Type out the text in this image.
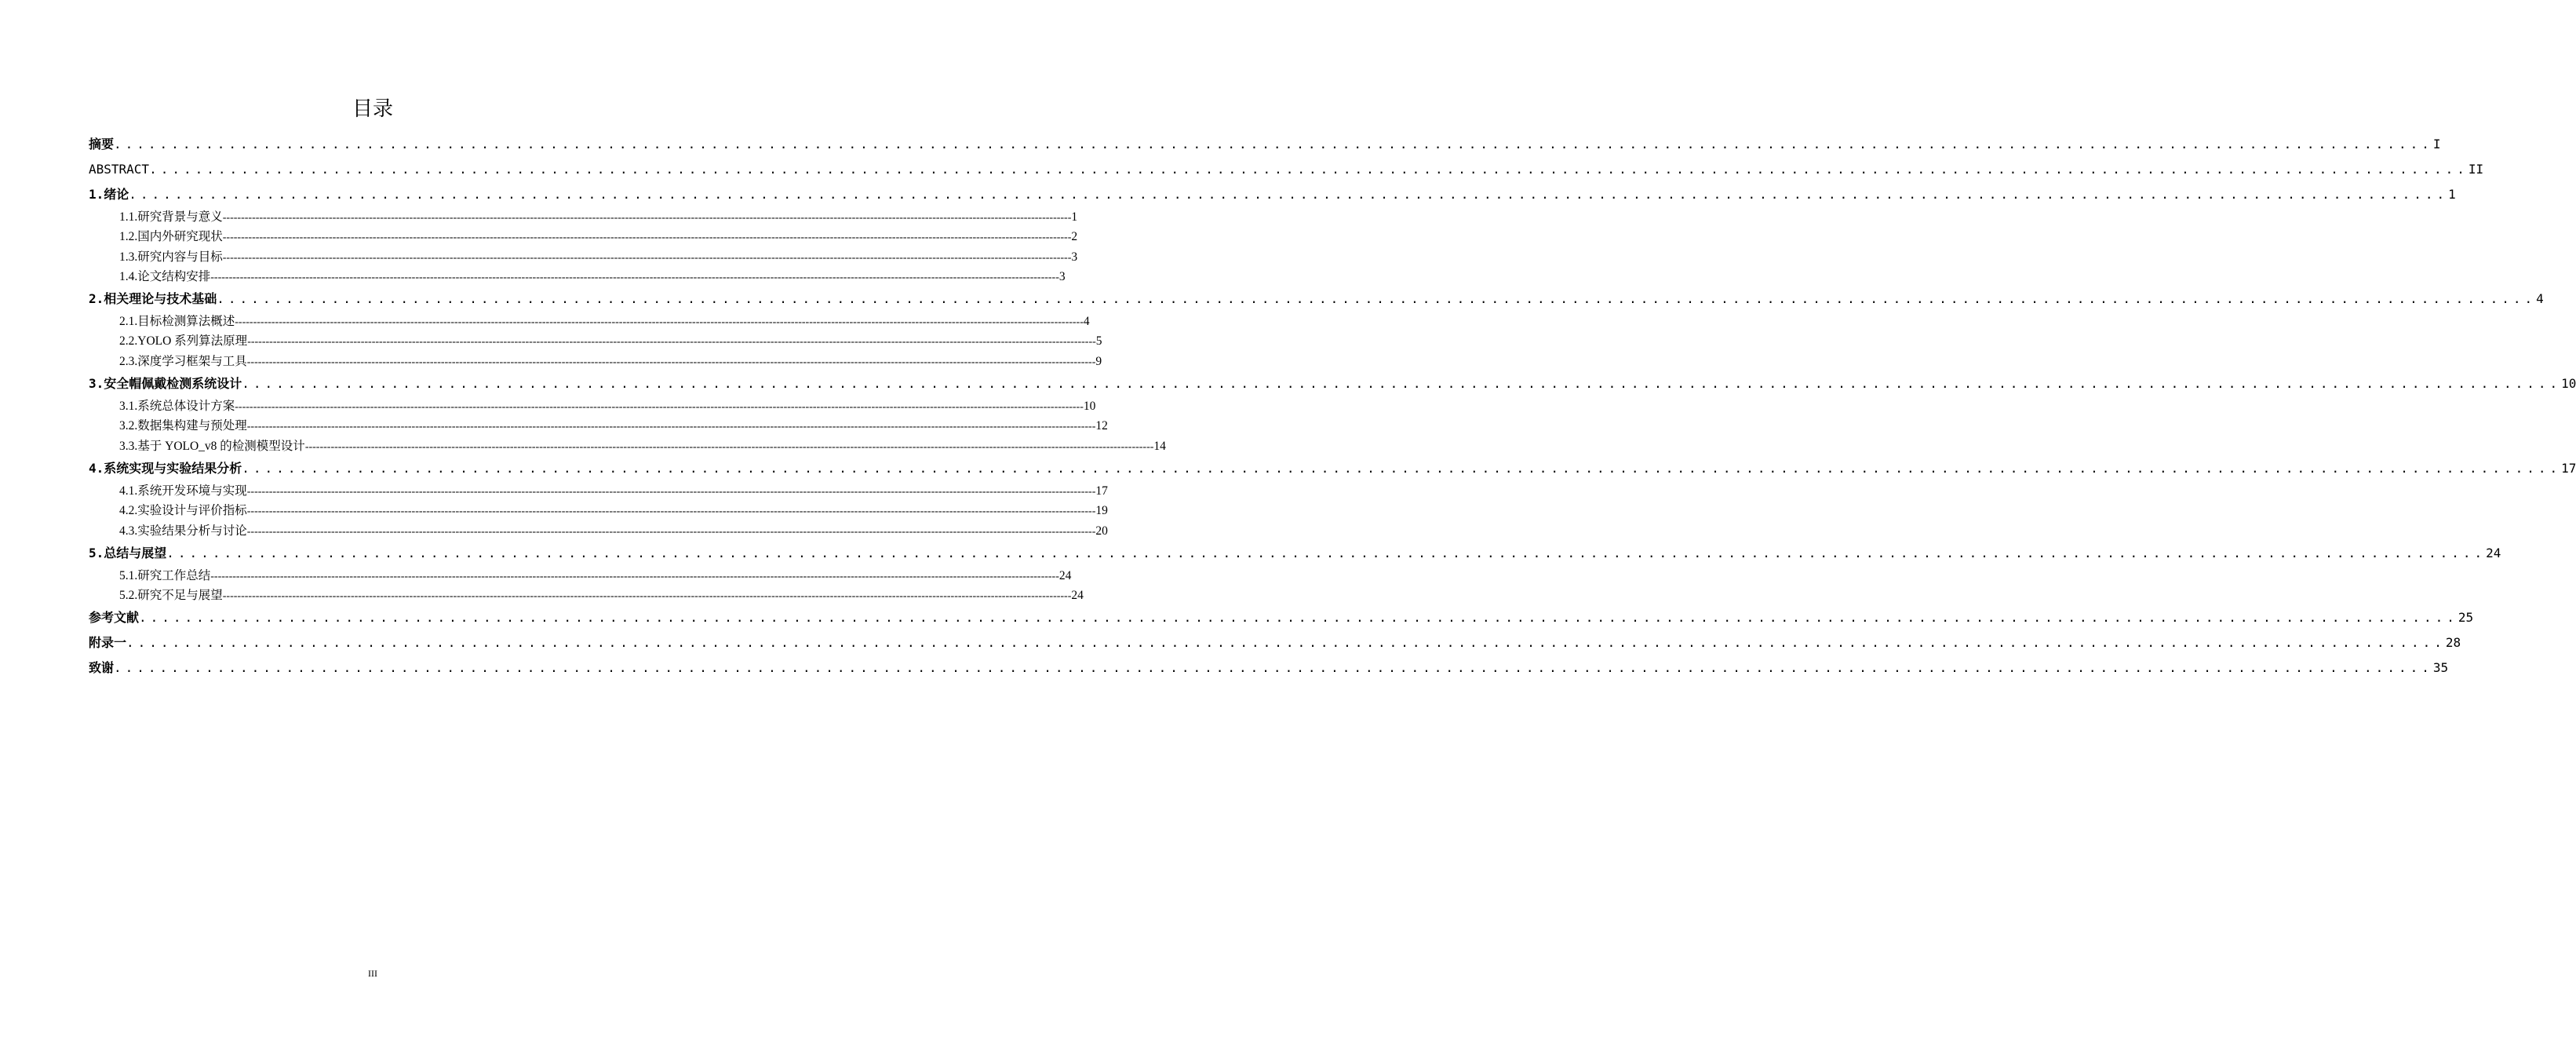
目录
摘要 .......................................................................................................................................................................................................... I
ABSTRACT .......................................................................................................................................................................................................... II
1.绪论 .......................................................................................................................................................................................................... 1
1.1.研究背景与意义 ---------------------------------------------------------------------------------------------------------------------------------------------------------------------------------------------------------------------------------------- 1
1.2.国内外研究现状 ---------------------------------------------------------------------------------------------------------------------------------------------------------------------------------------------------------------------------------------- 2
1.3.研究内容与目标 ---------------------------------------------------------------------------------------------------------------------------------------------------------------------------------------------------------------------------------------- 3
1.4.论文结构安排 ---------------------------------------------------------------------------------------------------------------------------------------------------------------------------------------------------------------------------------------- 3
2.相关理论与技术基础 .......................................................................................................................................................................................................... 4
2.1.目标检测算法概述 ---------------------------------------------------------------------------------------------------------------------------------------------------------------------------------------------------------------------------------------- 4
2.2.YOLO 系列算法原理 ---------------------------------------------------------------------------------------------------------------------------------------------------------------------------------------------------------------------------------------- 5
2.3.深度学习框架与工具 ---------------------------------------------------------------------------------------------------------------------------------------------------------------------------------------------------------------------------------------- 9
3.安全帽佩戴检测系统设计 .......................................................................................................................................................................................................... 10
3.1.系统总体设计方案 ---------------------------------------------------------------------------------------------------------------------------------------------------------------------------------------------------------------------------------------- 10
3.2.数据集构建与预处理 ---------------------------------------------------------------------------------------------------------------------------------------------------------------------------------------------------------------------------------------- 12
3.3.基于 YOLO_v8 的检测模型设计 ---------------------------------------------------------------------------------------------------------------------------------------------------------------------------------------------------------------------------------------- 14
4.系统实现与实验结果分析 .......................................................................................................................................................................................................... 17
4.1.系统开发环境与实现 ---------------------------------------------------------------------------------------------------------------------------------------------------------------------------------------------------------------------------------------- 17
4.2.实验设计与评价指标 ---------------------------------------------------------------------------------------------------------------------------------------------------------------------------------------------------------------------------------------- 19
4.3.实验结果分析与讨论 ---------------------------------------------------------------------------------------------------------------------------------------------------------------------------------------------------------------------------------------- 20
5.总结与展望 .......................................................................................................................................................................................................... 24
5.1.研究工作总结 ---------------------------------------------------------------------------------------------------------------------------------------------------------------------------------------------------------------------------------------- 24
5.2.研究不足与展望 ---------------------------------------------------------------------------------------------------------------------------------------------------------------------------------------------------------------------------------------- 24
参考文献 .......................................................................................................................................................................................................... 25
附录一 .......................................................................................................................................................................................................... 28
致谢 .......................................................................................................................................................................................................... 35
III
